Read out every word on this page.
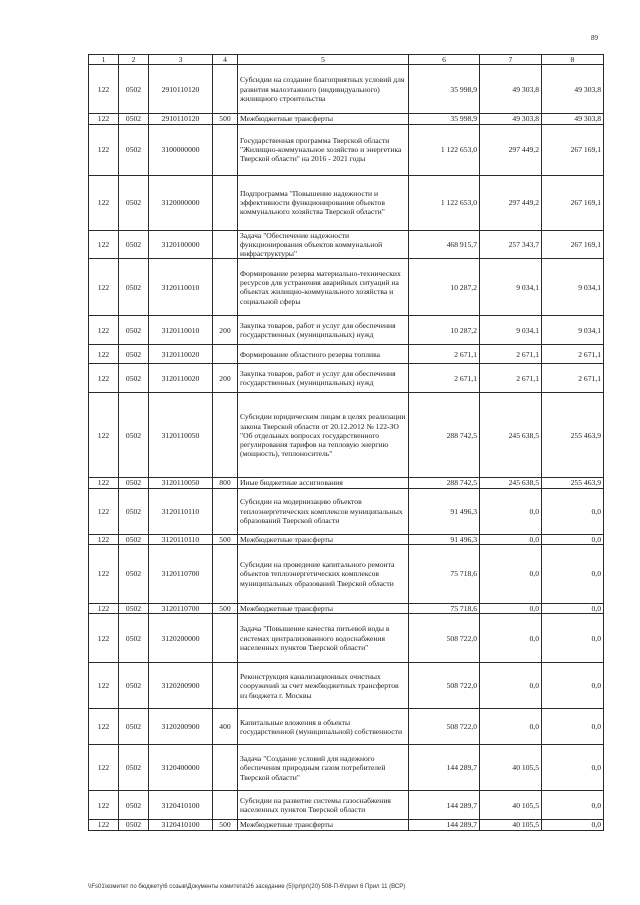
89
1	2	3	4	5	6	7	8
122	0502	2910110120		Субсидии на создание благоприятных условий для развития малоэтажного (индивидуального) жилищного строительства	35 998,9	49 303,8	49 303,8
122	0502	2910110120	500	Межбюджетные трансферты	35 998,9	49 303,8	49 303,8
122	0502	3100000000		Государственная программа Тверской области "Жилищно-коммунальное хозяйство и энергетика Тверской области" на 2016 - 2021 годы	1 122 653,0	297 449,2	267 169,1
122	0502	3120000000		Подпрограмма "Повышение надежности и эффективности функционирования объектов коммунального хозяйства Тверской области"	1 122 653,0	297 449,2	267 169,1
122	0502	3120100000		Задача "Обеспечение надежности функционирования объектов коммунальной инфраструктуры"	468 915,7	257 343,7	267 169,1
122	0502	3120110010		Формирование резерва материально-технических ресурсов для устранения аварийных ситуаций на объектах жилищно-коммунального хозяйства и социальной сферы	10 287,2	9 034,1	9 034,1
122	0502	3120110010	200	Закупка товаров, работ и услуг для обеспечения государственных (муниципальных) нужд	10 287,2	9 034,1	9 034,1
122	0502	3120110020		Формирование областного резерва топлива	2 671,1	2 671,1	2 671,1
122	0502	3120110020	200	Закупка товаров, работ и услуг для обеспечения государственных (муниципальных) нужд	2 671,1	2 671,1	2 671,1
122	0502	3120110050		Субсидии юридическим лицам в целях реализации закона Тверской области от 20.12.2012 № 122-ЗО "Об отдельных вопросах государственного регулирования тарифов на тепловую энергию (мощность), теплоноситель"	288 742,5	245 638,5	255 463,9
122	0502	3120110050	800	Иные бюджетные ассигнования	288 742,5	245 638,5	255 463,9
122	0502	3120110110		Субсидии на модернизацию объектов теплоэнергетических комплексов муниципальных образований Тверской области	91 496,3	0,0	0,0
122	0502	3120110110	500	Межбюджетные трансферты	91 496,3	0,0	0,0
122	0502	3120110700		Субсидии на проведение капитального ремонта объектов теплоэнергетических комплексов муниципальных образований Тверской области	75 718,6	0,0	0,0
122	0502	3120110700	500	Межбюджетные трансферты	75 718,6	0,0	0,0
122	0502	3120200000		Задача "Повышение качества питьевой воды в системах централизованного водоснабжения населенных пунктов Тверской области"	508 722,0	0,0	0,0
122	0502	3120200900		Реконструкция канализационных очистных сооружений за счет межбюджетных трансфертов из бюджета г. Москвы	508 722,0	0,0	0,0
122	0502	3120200900	400	Капитальные вложения в объекты государственной (муниципальной) собственности	508 722,0	0,0	0,0
122	0502	3120400000		Задача "Создание условий для надежного обеспечения природным газом потребителей Тверской области"	144 289,7	40 105,5	0,0
122	0502	3120410100		Субсидии на развитие системы газоснабжения населенных пунктов Тверской области	144 289,7	40 105,5	0,0
122	0502	3120410100	500	Межбюджетные трансферты	144 289,7	40 105,5	0,0
\\Fs01\комитет по бюджету\6 созыв\Документы комитета\26 заседание (5)\pr\pr\(20) 508-П-6\прил 6 Прил 11 (ВСР)
